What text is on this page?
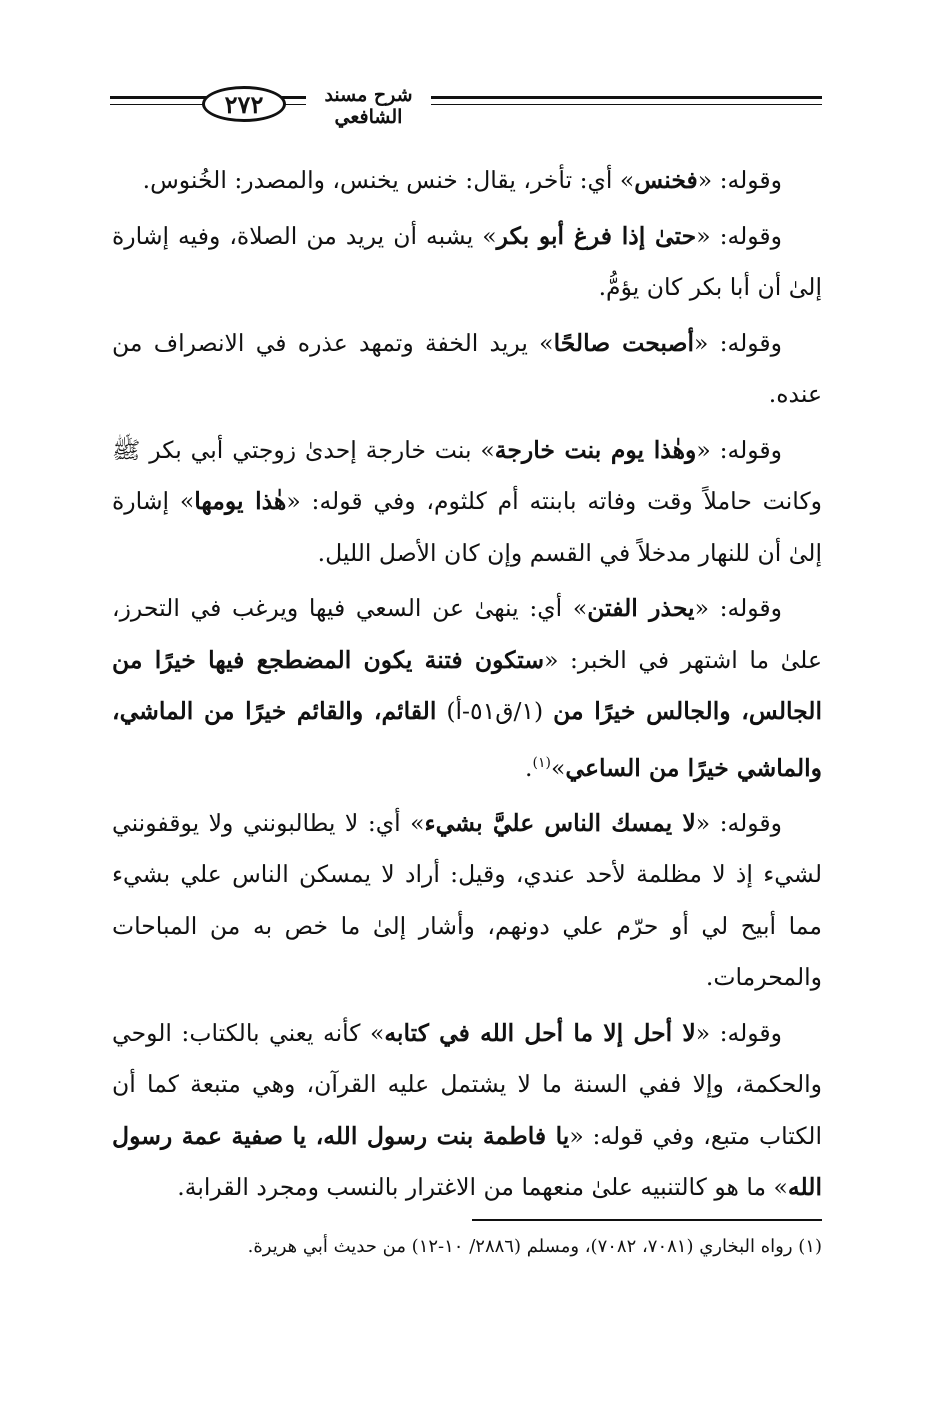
٢٧٢	شرح مسند الشافعي

وقوله: «فخنس» أي: تأخر، يقال: خنس يخنس، والمصدر: الخُنوس.

وقوله: «حتىٰ إذا فرغ أبو بكر» يشبه أن يريد من الصلاة، وفيه إشارة إلىٰ أن أبا بكر كان يؤمُّ.

وقوله: «أصبحت صالحًا» يريد الخفة وتمهد عذره في الانصراف من عنده.

وقوله: «وهٰذا يوم بنت خارجة» بنت خارجة إحدىٰ زوجتي أبي بكر ﷺ وكانت حاملاً وقت وفاته بابنته أم كلثوم، وفي قوله: «هٰذا يومها» إشارة إلىٰ أن للنهار مدخلاً في القسم وإن كان الأصل الليل.

وقوله: «يحذر الفتن» أي: ينهىٰ عن السعي فيها ويرغب في التحرز، علىٰ ما اشتهر في الخبر: «ستكون فتنة يكون المضطجع فيها خيرًا من الجالس، والجالس خيرًا من (١/ق٥١-أ) القائم، والقائم خيرًا من الماشي، والماشي خيرًا من الساعي»$^{(١)}$.

وقوله: «لا يمسك الناس عليَّ بشيء» أي: لا يطالبونني ولا يوقفونني لشيء إذ لا مظلمة لأحد عندي، وقيل: أراد لا يمسكن الناس علي بشيء مما أبيح لي أو حرّم علي دونهم، وأشار إلىٰ ما خص به من المباحات والمحرمات.

وقوله: «لا أحل إلا ما أحل الله في كتابه» كأنه يعني بالكتاب: الوحي والحكمة، وإلا ففي السنة ما لا يشتمل عليه القرآن، وهي متبعة كما أن الكتاب متبع، وفي قوله: «يا فاطمة بنت رسول الله، يا صفية عمة رسول الله» ما هو كالتنبيه علىٰ منعهما من الاغترار بالنسب ومجرد القرابة.

(١) رواه البخاري (٧٠٨١، ٧٠٨٢)، ومسلم (٢٨٨٦/ ١٠-١٢) من حديث أبي هريرة.
